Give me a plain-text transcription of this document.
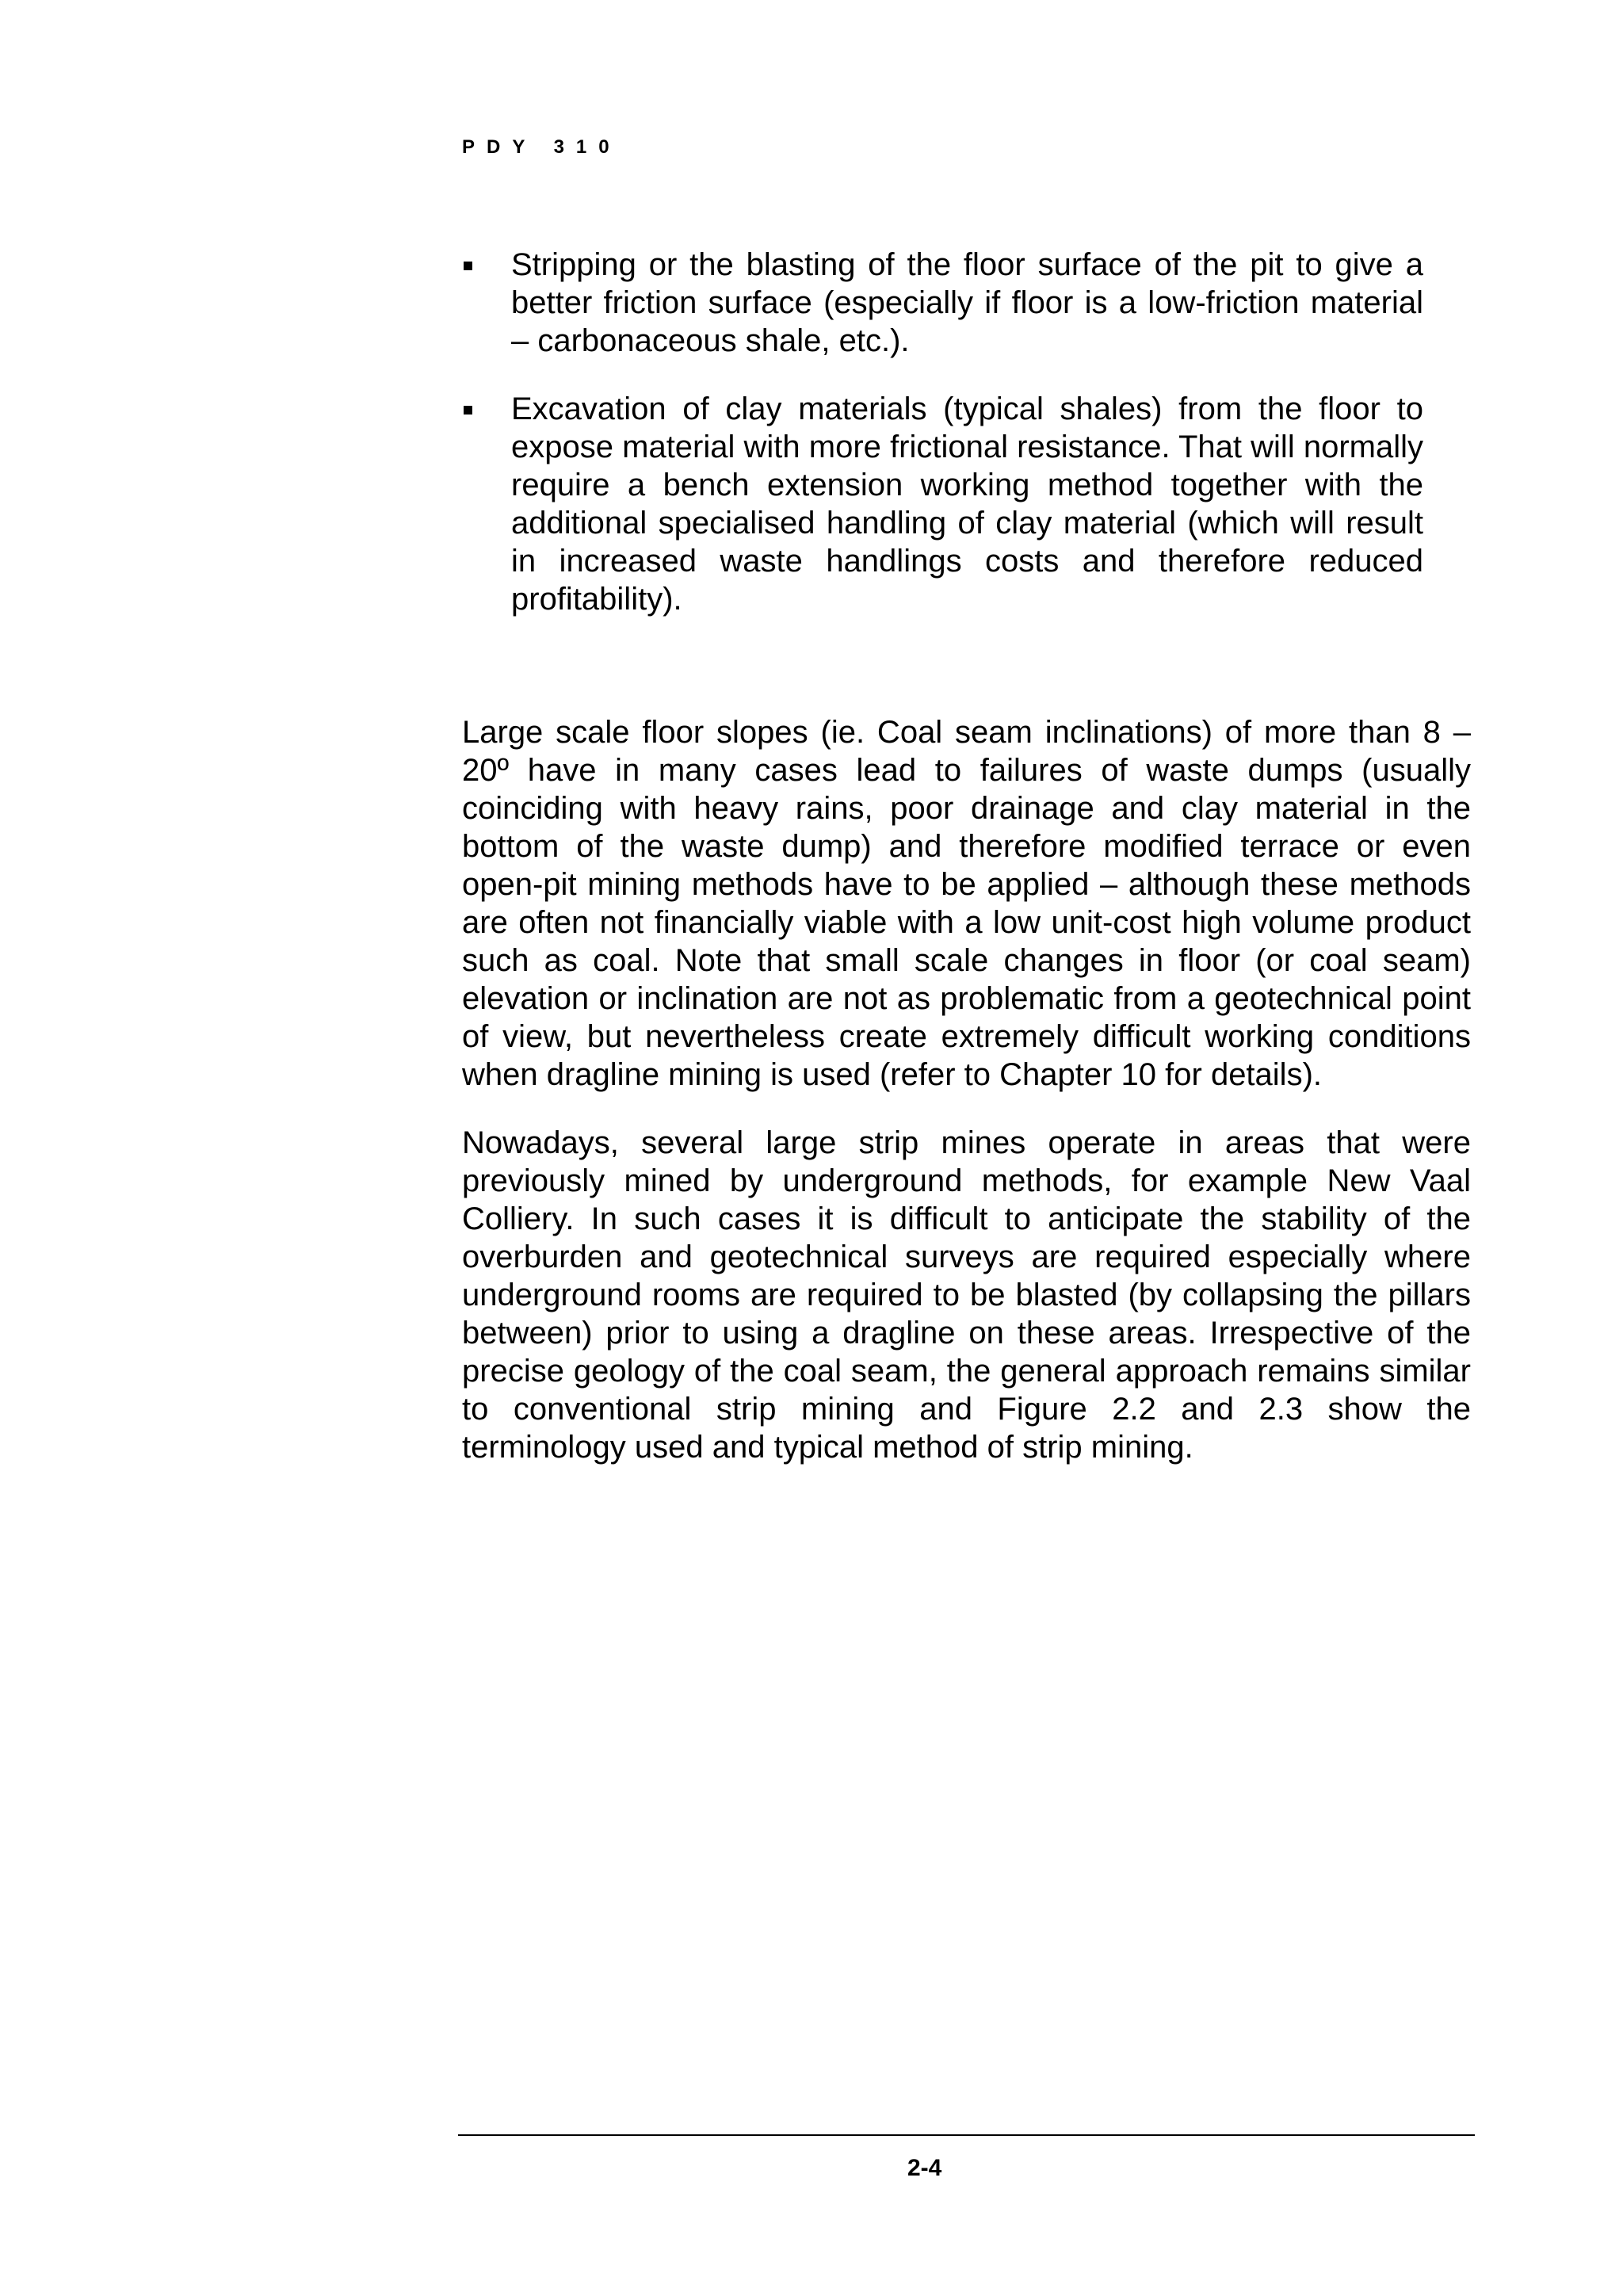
PDY 310
Stripping or the blasting of the floor surface of the pit to give a better friction surface (especially if floor is a low-friction material – carbonaceous shale, etc.).
Excavation of clay materials (typical shales) from the floor to expose material with more frictional resistance. That will normally require a bench extension working method together with the additional specialised handling of clay material (which will result in increased waste handlings costs and therefore reduced profitability).

Large scale floor slopes (ie. Coal seam inclinations) of more than 8 – 20º have in many cases lead to failures of waste dumps (usually coinciding with heavy rains, poor drainage and clay material in the bottom of the waste dump) and therefore modified terrace or even open-pit mining methods have to be applied – although these methods are often not financially viable with a low unit-cost high volume product such as coal. Note that small scale changes in floor (or coal seam) elevation or inclination are not as problematic from a geotechnical point of view, but nevertheless create extremely difficult working conditions when dragline mining is used (refer to Chapter 10 for details).

Nowadays, several large strip mines operate in areas that were previously mined by underground methods, for example New Vaal Colliery. In such cases it is difficult to anticipate the stability of the overburden and geotechnical surveys are required especially where underground rooms are required to be blasted (by collapsing the pillars between) prior to using a dragline on these areas. Irrespective of the precise geology of the coal seam, the general approach remains similar to conventional strip mining and Figure 2.2 and 2.3 show the terminology used and typical method of strip mining.

2-4
